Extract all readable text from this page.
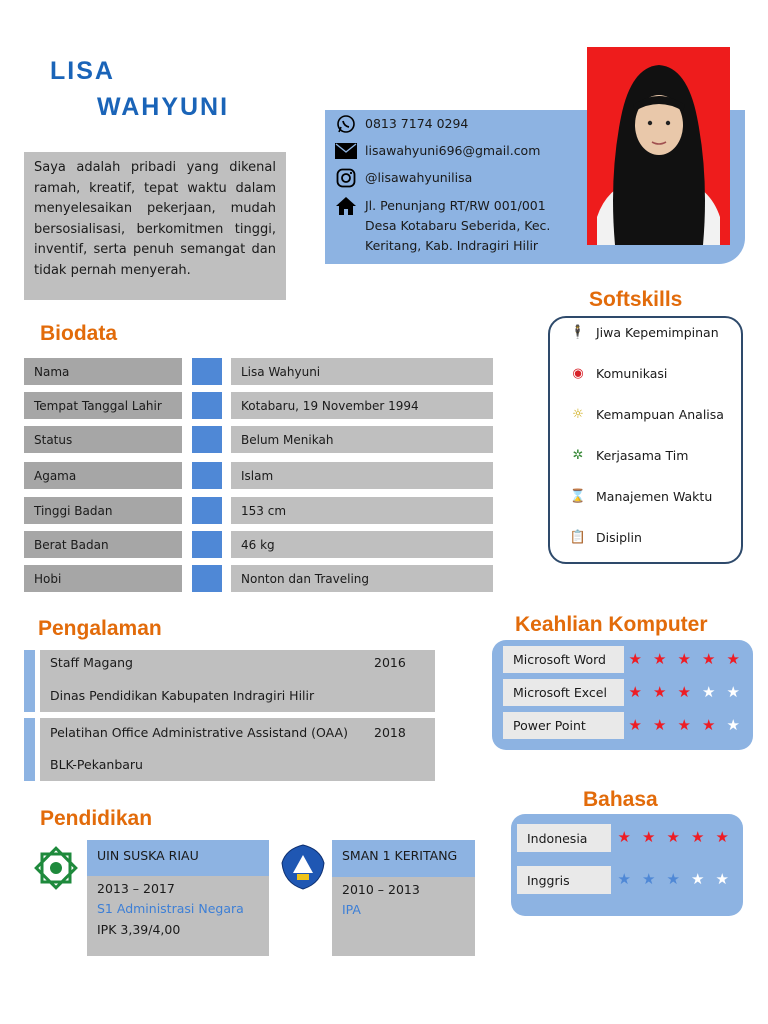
LISA
WAHYUNI
Saya adalah pribadi yang dikenal ramah, kreatif, tepat waktu dalam menyelesaikan pekerjaan, mudah bersosialisasi, berkomitmen tinggi, inventif, serta penuh semangat dan tidak pernah menyerah.
0813 7174 0294
lisawahyuni696@gmail.com
@lisawahyunilisa
Jl. Penunjang RT/RW 001/001
Desa Kotabaru Seberida, Kec.
Keritang, Kab. Indragiri Hilir
Biodata
Nama	Lisa Wahyuni
Tempat Tanggal Lahir	Kotabaru, 19 November 1994
Status	Belum Menikah
Agama	Islam
Tinggi Badan	153 cm
Berat Badan	46 kg
Hobi	Nonton dan Traveling
Softskills
🕴 Jiwa Kepemimpinan
◉ Komunikasi
☼ Kemampuan Analisa
✲	Kerjasama Tim
⌛ Manajemen Waktu
📋 Disiplin
Pengalaman
Staff Magang	2016
Dinas Pendidikan Kabupaten Indragiri Hilir
Pelatihan Office Administrative Assistand (OAA) 2018
BLK-Pekanbaru
Keahlian Komputer
Microsoft Word	★ ★ ★ ★ ★
Microsoft Excel	★ ★ ★ ★ ★
Power Point	★ ★ ★ ★ ★
Bahasa
Indonesia	★ ★ ★ ★ ★
Inggris	★ ★ ★ ★ ★
Pendidikan
UIN SUSKA RIAU
2013 – 2017
S1 Administrasi Negara
IPK 3,39/4,00
SMAN 1 KERITANG
2010 – 2013
IPA
